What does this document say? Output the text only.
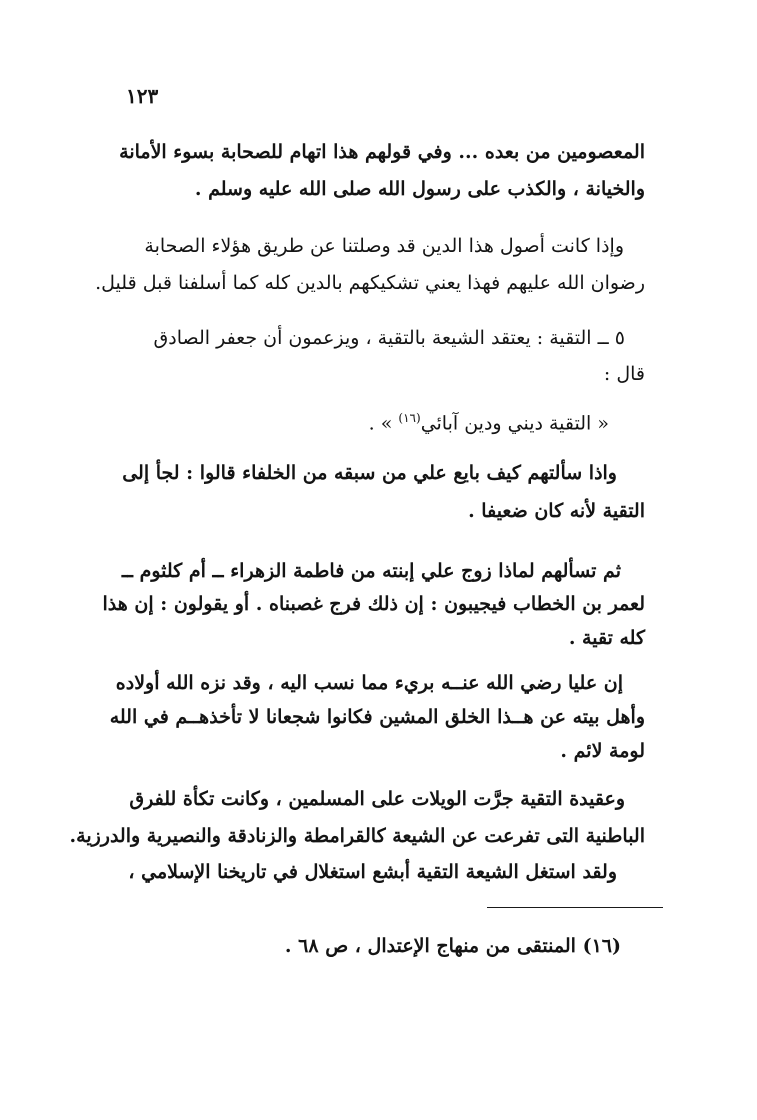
١٢٣
المعصومين من بعده ... وفي قولهم هذا اتهام للصحابة بسوء الأمانة
والخيانة ، والكذب على رسول الله صلى الله عليه وسلم .
وإذا كانت أصول هذا الدين قد وصلتنا عن طريق هؤلاء الصحابة
رضوان الله عليهم فهذا يعني تشكيكهم بالدين كله كما أسلفنا قبل قليل.
٥ ــ التقية : يعتقد الشيعة بالتقية ، ويزعمون أن جعفر الصادق
قال :
« التقية ديني ودين آبائي$^{(١٦)}$ » .
واذا سألتهم كيف بايع علي من سبقه من الخلفاء قالوا : لجأ إلى
التقية لأنه كان ضعيفا .
ثم تسألهم لماذا زوج علي إبنته من فاطمة الزهراء ــ أم كلثوم ــ
لعمر بن الخطاب فيجيبون : إن ذلك فرج غصبناه . أو يقولون : إن هذا
كله تقية .
إن عليا رضي الله عنــه بريء مما نسب اليه ، وقد نزه الله أولاده
وأهل بيته عن هــذا الخلق المشين فكانوا شجعانا لا تأخذهــم في الله
لومة لائم .
وعقيدة التقية جرَّت الويلات على المسلمين ، وكانت تكأة للفرق
الباطنية التى تفرعت عن الشيعة كالقرامطة والزنادقة والنصيرية والدرزية.
ولقد استغل الشيعة التقية أبشع استغلال في تاريخنا الإسلامي ،
(١٦) المنتقى من منهاج الإعتدال ، ص ٦٨ .
